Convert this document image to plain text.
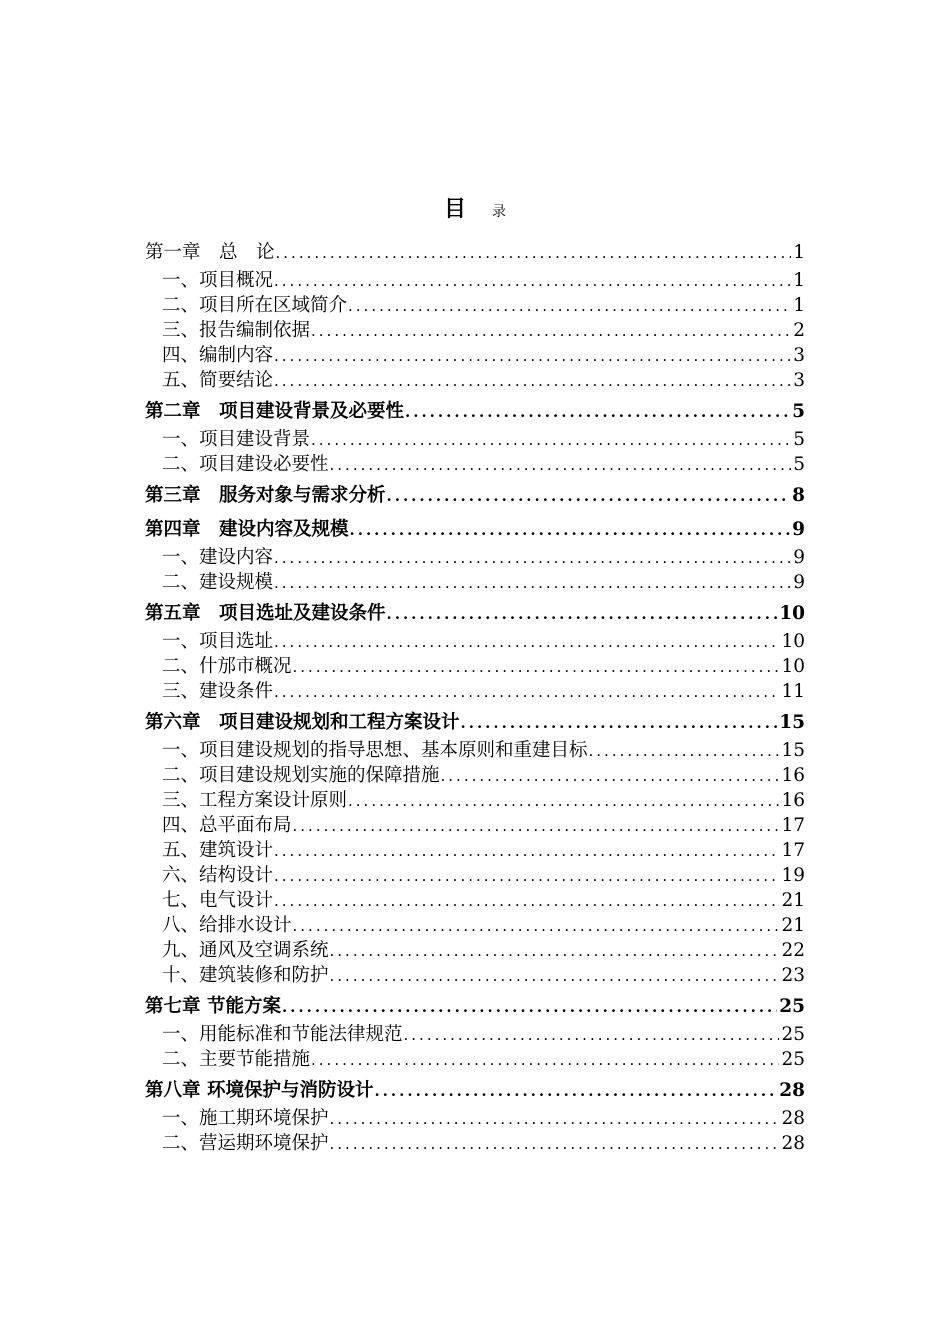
目 录
第一章　总　论 .....	1
一、项目概况 .....	1
二、项目所在区域简介 .....	1
三、报告编制依据 .....	2
四、编制内容 .....	3
五、简要结论 .....	3
第二章　项目建设背景及必要性 .....	5
一、项目建设背景 .....	5
二、项目建设必要性 .....	5
第三章　服务对象与需求分析 .....	8
第四章　建设内容及规模 .....	9
一、建设内容 .....	9
二、建设规模 .....	9
第五章　项目选址及建设条件 .....	10
一、项目选址 .....	10
二、什邡市概况 .....	10
三、建设条件 .....	11
第六章　项目建设规划和工程方案设计 .....	15
一、项目建设规划的指导思想、基本原则和重建目标 .....	15
二、项目建设规划实施的保障措施 .....	16
三、工程方案设计原则 .....	16
四、总平面布局 .....	17
五、建筑设计 .....	17
六、结构设计 .....	19
七、电气设计 .....	21
八、给排水设计 .....	21
九、通风及空调系统 .....	22
十、建筑装修和防护 .....	23
第七章 节能方案 .....	25
一、用能标准和节能法律规范 .....	25
二、主要节能措施 .....	25
第八章 环境保护与消防设计 .....	28
一、施工期环境保护 .....	28
二、营运期环境保护 .....	28
